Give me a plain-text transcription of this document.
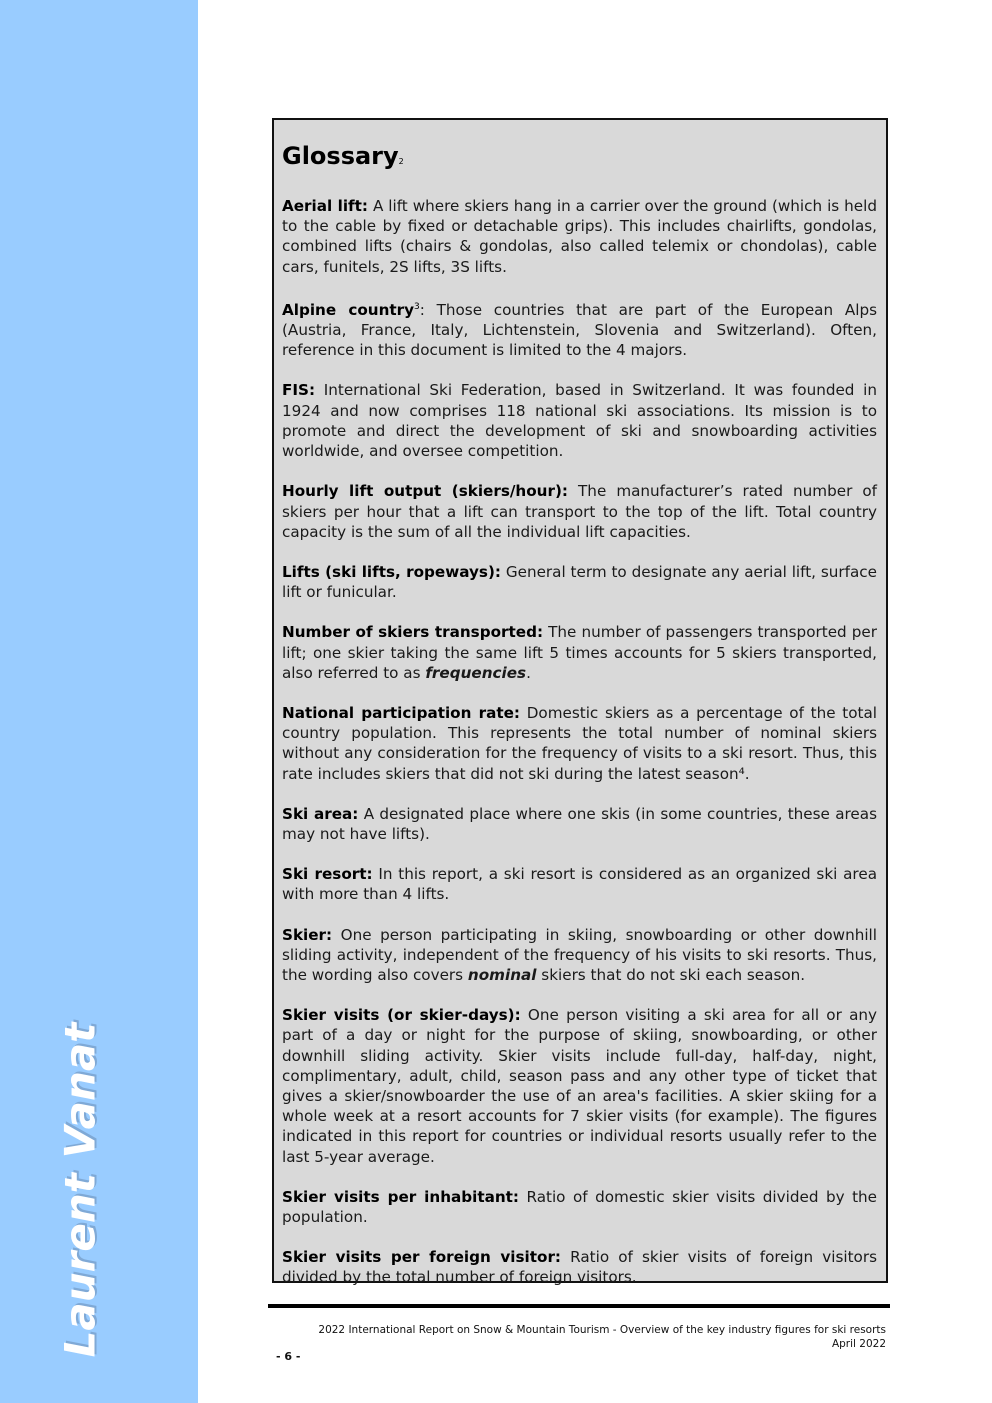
Laurent Vanat
Glossary$^2$

Aerial lift: A lift where skiers hang in a carrier over the ground (which is held to the cable by fixed or detachable grips). This includes chairlifts, gondolas, combined lifts (chairs & gondolas, also called telemix or chondolas), cable cars, funitels, 2S lifts, 3S lifts.

Alpine country$^3$: Those countries that are part of the European Alps (Austria, France, Italy, Lichtenstein, Slovenia and Switzerland). Often, reference in this document is limited to the 4 majors.

FIS: International Ski Federation, based in Switzerland. It was founded in 1924 and now comprises 118 national ski associations. Its mission is to promote and direct the development of ski and snowboarding activities worldwide, and oversee competition.

Hourly lift output (skiers/hour): The manufacturer’s rated number of skiers per hour that a lift can transport to the top of the lift. Total country capacity is the sum of all the individual lift capacities.

Lifts (ski lifts, ropeways): General term to designate any aerial lift, surface lift or funicular.

Number of skiers transported: The number of passengers transported per lift; one skier taking the same lift 5 times accounts for 5 skiers transported, also referred to as frequencies.

National participation rate: Domestic skiers as a percentage of the total country population. This represents the total number of nominal skiers without any consideration for the frequency of visits to a ski resort. Thus, this rate includes skiers that did not ski during the latest season⁴.

Ski area: A designated place where one skis (in some countries, these areas may not have lifts).

Ski resort: In this report, a ski resort is considered as an organized ski area with more than 4 lifts.

Skier: One person participating in skiing, snowboarding or other downhill sliding activity, independent of the frequency of his visits to ski resorts. Thus, the wording also covers nominal skiers that do not ski each season.

Skier visits (or skier-days): One person visiting a ski area for all or any part of a day or night for the purpose of skiing, snowboarding, or other downhill sliding activity. Skier visits include full-day, half-day, night, complimentary, adult, child, season pass and any other type of ticket that gives a skier/snowboarder the use of an area's facilities. A skier skiing for a whole week at a resort accounts for 7 skier visits (for example). The figures indicated in this report for countries or individual resorts usually refer to the last 5-year average.

Skier visits per inhabitant: Ratio of domestic skier visits divided by the population.

Skier visits per foreign visitor: Ratio of skier visits of foreign visitors divided by the total number of foreign visitors.

2022 International Report on Snow & Mountain Tourism - Overview of the key industry figures for ski resorts
April 2022
- 6 -
